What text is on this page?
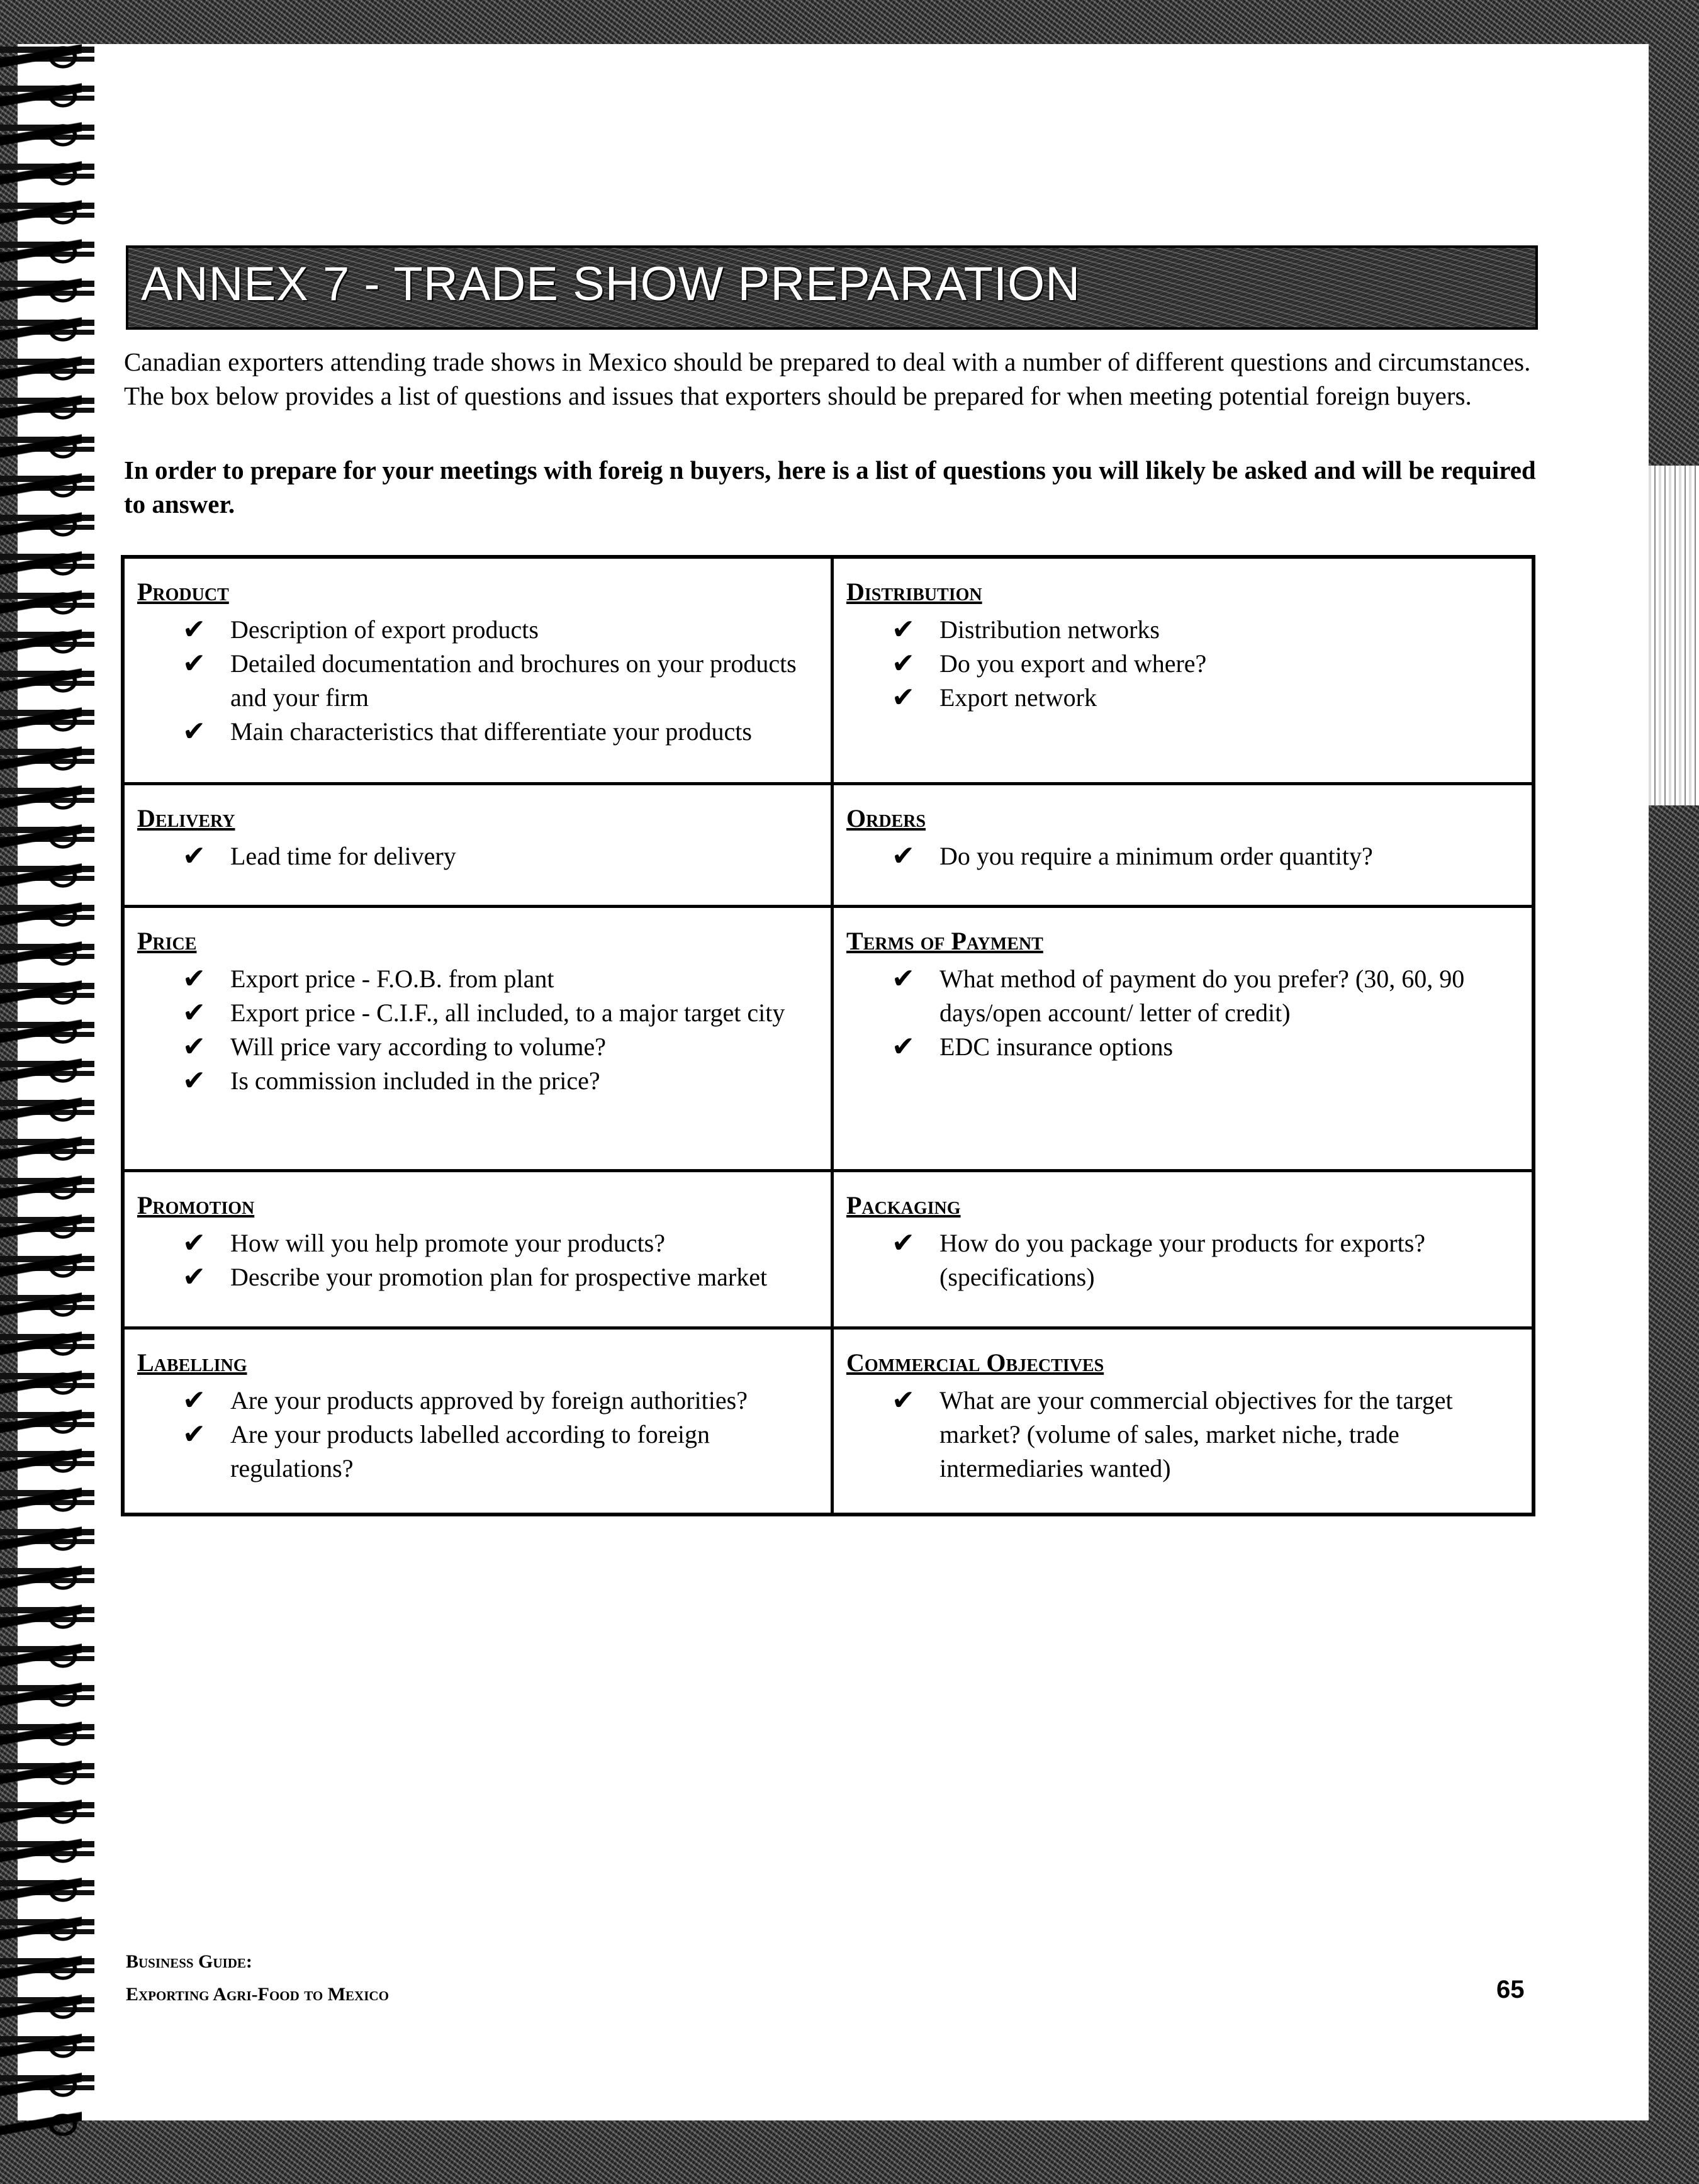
ANNEX 7 - TRADE SHOW PREPARATION
Canadian exporters attending trade shows in Mexico should be prepared to deal with a number of different questions and circumstances. The box below provides a list of questions and issues that exporters should be prepared for when meeting potential foreign buyers.
In order to prepare for your meetings with foreig n buyers, here is a list of questions you will likely be asked and will be required to answer.
Product
✔ Description of export products
✔ Detailed documentation and brochures on your products and your firm
✔ Main characteristics that differentiate your products
Distribution
✔ Distribution networks
✔ Do you export and where?
✔ Export network
Delivery
✔ Lead time for delivery
Orders
✔ Do you require a minimum order quantity?
Price
✔ Export price - F.O.B. from plant
✔ Export price - C.I.F., all included, to a major target city
✔ Will price vary according to volume?
✔ Is commission included in the price?
Terms of Payment
✔ What method of payment do you prefer? (30, 60, 90 days/open account/ letter of credit)
✔ EDC insurance options
Promotion
✔ How will you help promote your products?
✔ Describe your promotion plan for prospective market
Packaging
✔ How do you package your products for exports? (specifications)
Labelling
✔ Are your products approved by foreign authorities?
✔ Are your products labelled according to foreign regulations?
Commercial Objectives
✔ What are your commercial objectives for the target market? (volume of sales, market niche, trade intermediaries wanted)
Business Guide:
Exporting Agri-Food to Mexico	65
